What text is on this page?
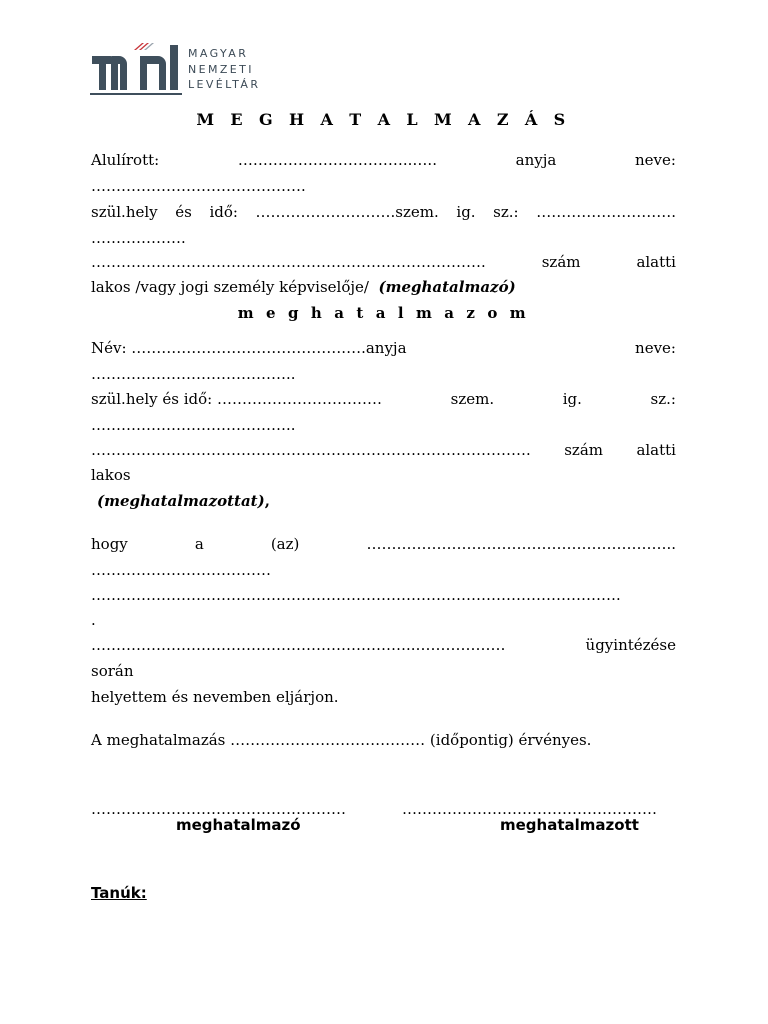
MAGYAR
NEMZETI
LEVÉLTÁR
M E G H A T A L M A Z Á S
Alulírott:	……………………………..…..	anyja	neve:
…………………………………….
szül.hely és idő: ……………………….szem. ig. sz.: ……………………….
……………….
…………………………………………………………………….	szám	alatti
lakos /vagy jogi személy képviselője/ (meghatalmazó)
m e g h a t a l m a z o m
Név: …………………………………….….anyja	neve:
…………………………………..
szül.hely és idő: ……………………………	szem.	ig.	sz.:
…………………………………..
……………………………………………………………………………. szám alatti
lakos
(meghatalmazottat),
hogy	a	(az)	……………………………………………………..
………………………………
…………………………………………………………………………………………….
.
………………………………………………………..………………	ügyintézése
során
helyettem és nevemben eljárjon.
A meghatalmazás ………………………………… (időpontig) érvényes.
……………………………………………	……………………………………………
meghatalmazó	meghatalmazott
Tanúk:
